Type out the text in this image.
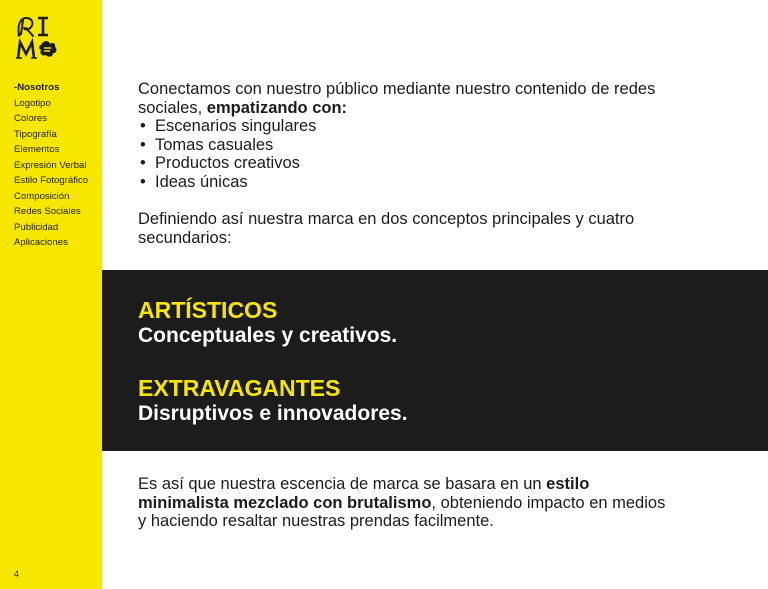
-Nosotros
Logotipo
Colores
Tipografía
Elementos
Expresión Verbal
Estilo Fotográfico
Composición
Redes Sociales
Publicidad
Aplicaciones
4

Conectamos con nuestro público mediante nuestro contenido de redes sociales, empatizando con:

• Escenarios singulares
• Tomas casuales
• Productos creativos
• Ideas únicas

Definiendo así nuestra marca en dos conceptos principales y cuatro secundarios:

ARTÍSTICOS
Conceptuales y creativos.
EXTRAVAGANTES
Disruptivos e innovadores.
Es así que nuestra escencia de marca se basara en un estilo minimalista mezclado con brutalismo, obteniendo impacto en medios y haciendo resaltar nuestras prendas facilmente.
